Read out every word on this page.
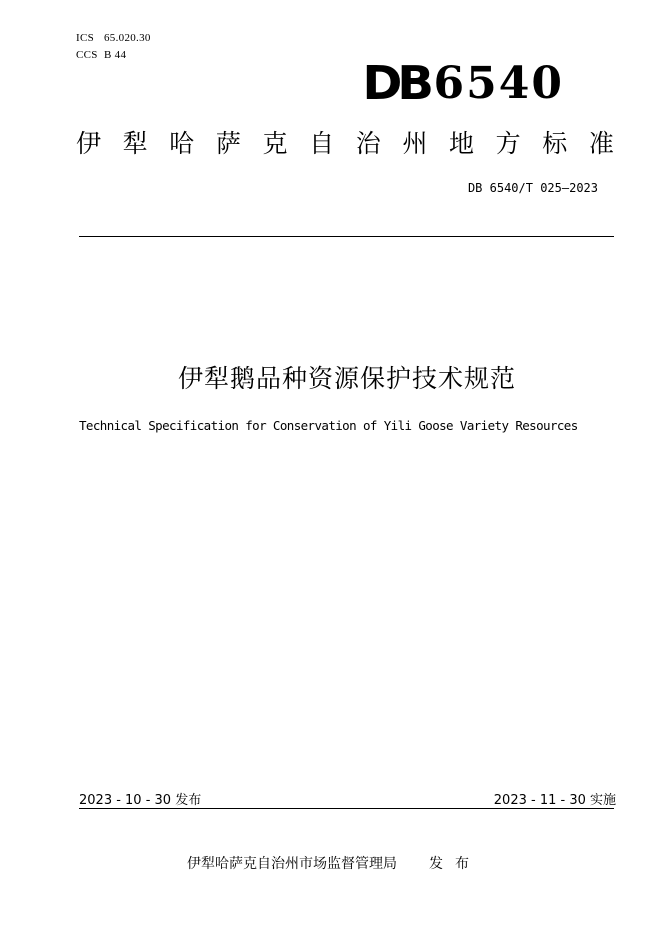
ICS 65.020.30
CCS B 44
DB 6540
伊 犁 哈 萨 克 自 治 州 地 方 标 准
DB 6540/T 025—2023
伊犁鹅品种资源保护技术规范
Technical Specification for Conservation of Yili Goose Variety Resources
2023 - 10 - 30 发布	2023 - 11 - 30 实施
伊犁哈萨克自治州市场监督管理局 发布
